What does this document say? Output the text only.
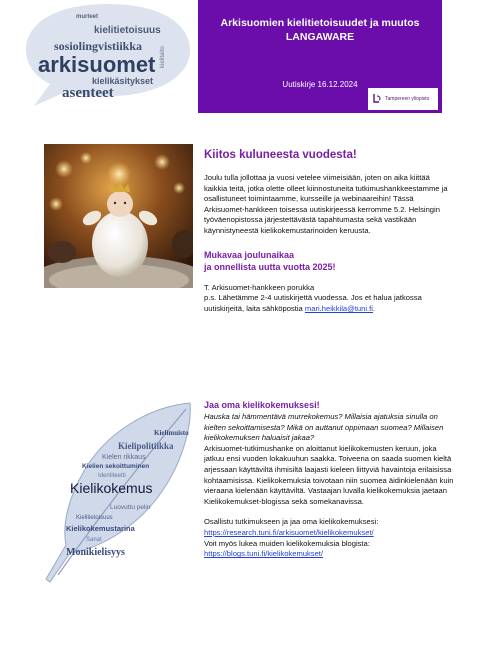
murteet
kielitietoisuus
sosiolingvistiikka
arkisuomet
kielikäsitykset
asenteet
kielitaito
Arkisuomien kielitietoisuudet ja muutos
LANGAWARE
Uutiskirje 16.12.2024
Tampereen yliopisto
Kiitos kuluneesta vuodesta!

Joulu tulla jollottaa ja vuosi vetelee viimeisiään, joten on aika kiittää kaikkia teitä, jotka olette olleet kiinnostuneita tutkimushankkeestamme ja osallistuneet toimintaamme, kursseille ja webinaareihin! Tässä Arkisuomet-hankkeen toisessa uutiskirjeessä kerromme 5.2. Helsingin työväenopistossa järjestettävästä tapahtumasta sekä vastikään käynnistyneestä kielikokemustarinoiden keruusta.

Mukavaa joulunaikaa
ja onnellista uutta vuotta 2025!

T. Arkisuomet-hankkeen porukka
p.s. Lähetämme 2-4 uutiskirjettä vuodessa. Jos et halua jatkossa uutiskirjeitä, laita sähköpostia mari.heikkila@tuni.fi.

Kielimuisto
Kielipolitiikka
Kielen rikkaus
Kielien sekoittuminen
Identiteetti
Kielikokemus
Luovuttu pelin
Kielitietoisuus
Kielikokemustarina
Sanat
Monikielisyys
Jaa oma kielikokemuksesi!

Hauska tai hämmentävä murrekokemus? Millaisia ajatuksia sinulla on kielten sekoittamisesta? Mikä on auttanut oppimaan suomea? Millaisen kielikokemuksen haluaisit jakaa?

Arkisuomet-tutkimushanke on aloittanut kielikokemusten keruun, joka jatkuu ensi vuoden lokakuuhun saakka. Toiveena on saada suomen kieltä arjessaan käyttäviltä ihmisiltä laajasti kieleen liittyviä havaintoja erilaisissa kohtaamisissa. Kielikokemuksia toivotaan niin suomea äidinkielenään kuin vieraana kielenään käyttäviltä. Vastaajan luvalla kielikokemuksia jaetaan Kielikokemukset-blogissa sekä somekanavissa.

Osallistu tutkimukseen ja jaa oma kielikokemuksesi:
https://research.tuni.fi/arkisuomet/kielikokemukset/
Voit myös lukea muiden kielikokemuksia blogista:
https://blogs.tuni.fi/kielikokemukset/
